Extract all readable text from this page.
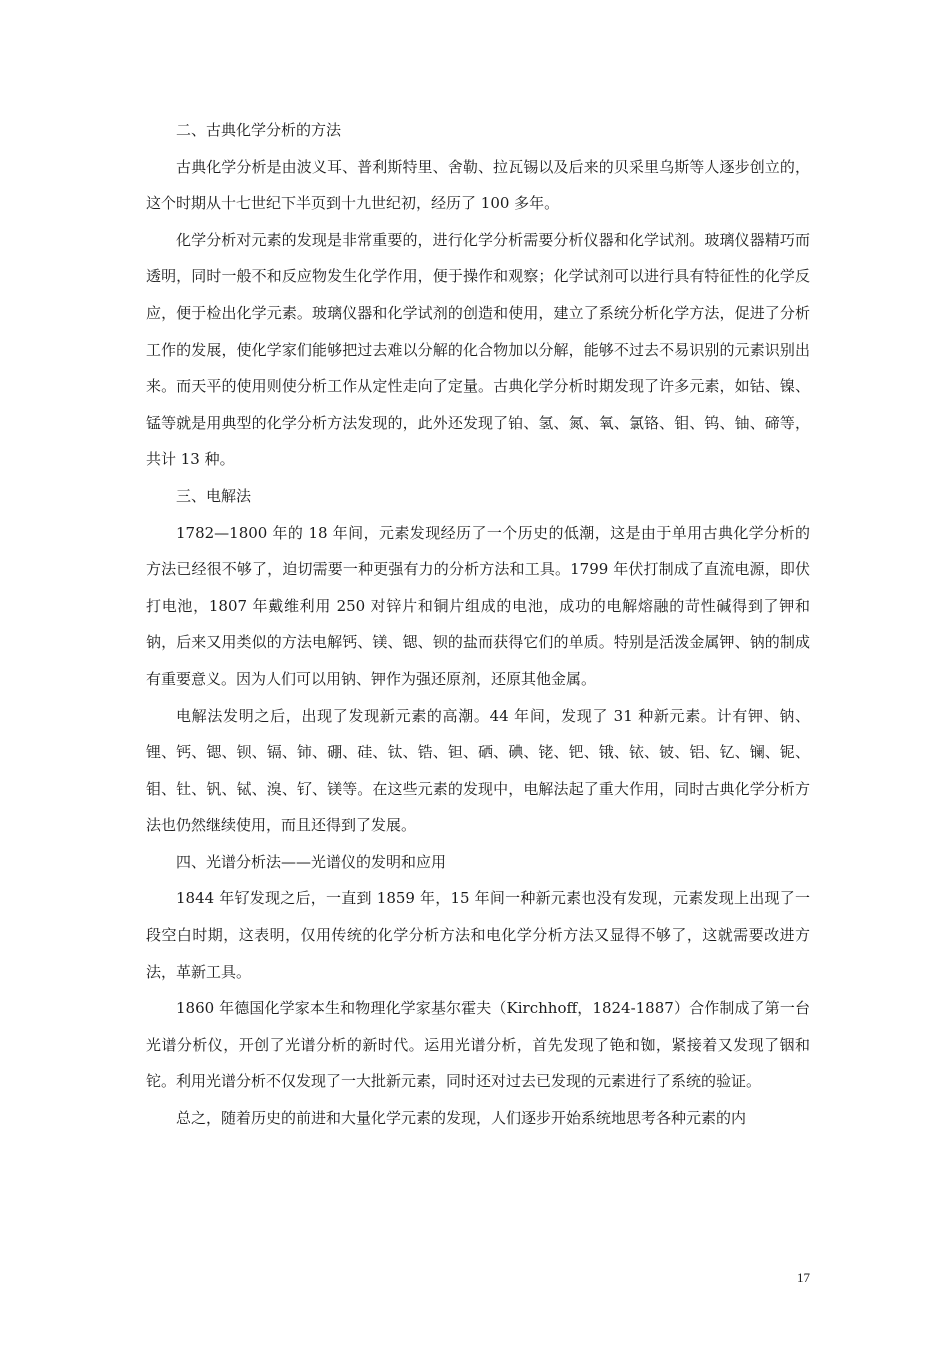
二、古典化学分析的方法

古典化学分析是由波义耳、普利斯特里、舍勒、拉瓦锡以及后来的贝采里乌斯等人逐步创立的，这个时期从十七世纪下半页到十九世纪初，经历了 100 多年。

化学分析对元素的发现是非常重要的，进行化学分析需要分析仪器和化学试剂。玻璃仪器精巧而透明，同时一般不和反应物发生化学作用，便于操作和观察；化学试剂可以进行具有特征性的化学反应，便于检出化学元素。玻璃仪器和化学试剂的创造和使用，建立了系统分析化学方法，促进了分析工作的发展，使化学家们能够把过去难以分解的化合物加以分解，能够不过去不易识别的元素识别出来。而天平的使用则使分析工作从定性走向了定量。古典化学分析时期发现了许多元素，如钴、镍、锰等就是用典型的化学分析方法发现的，此外还发现了铂、氢、氮、氧、氯铬、钼、钨、铀、碲等，共计 13 种。

三、电解法

1782—1800 年的 18 年间，元素发现经历了一个历史的低潮，这是由于单用古典化学分析的方法已经很不够了，迫切需要一种更强有力的分析方法和工具。1799 年伏打制成了直流电源，即伏打电池，1807 年戴维利用 250 对锌片和铜片组成的电池，成功的电解熔融的苛性碱得到了钾和钠，后来又用类似的方法电解钙、镁、锶、钡的盐而获得它们的单质。特别是活泼金属钾、钠的制成有重要意义。因为人们可以用钠、钾作为强还原剂，还原其他金属。

电解法发明之后，出现了发现新元素的高潮。44 年间，发现了 31 种新元素。计有钾、钠、锂、钙、锶、钡、镉、铈、硼、硅、钛、锆、钽、硒、碘、铑、钯、锇、铱、铍、铝、钇、镧、铌、钼、钍、钒、铽、溴、钌、镁等。在这些元素的发现中，电解法起了重大作用，同时古典化学分析方法也仍然继续使用，而且还得到了发展。

四、光谱分析法——光谱仪的发明和应用

1844 年钌发现之后，一直到 1859 年，15 年间一种新元素也没有发现，元素发现上出现了一段空白时期，这表明，仅用传统的化学分析方法和电化学分析方法又显得不够了，这就需要改进方法，革新工具。

1860 年德国化学家本生和物理化学家基尔霍夫（Kirchhoff，1824-1887）合作制成了第一台光谱分析仪，开创了光谱分析的新时代。运用光谱分析，首先发现了铯和铷，紧接着又发现了铟和铊。利用光谱分析不仅发现了一大批新元素，同时还对过去已发现的元素进行了系统的验证。

总之，随着历史的前进和大量化学元素的发现，人们逐步开始系统地思考各种元素的内

17
